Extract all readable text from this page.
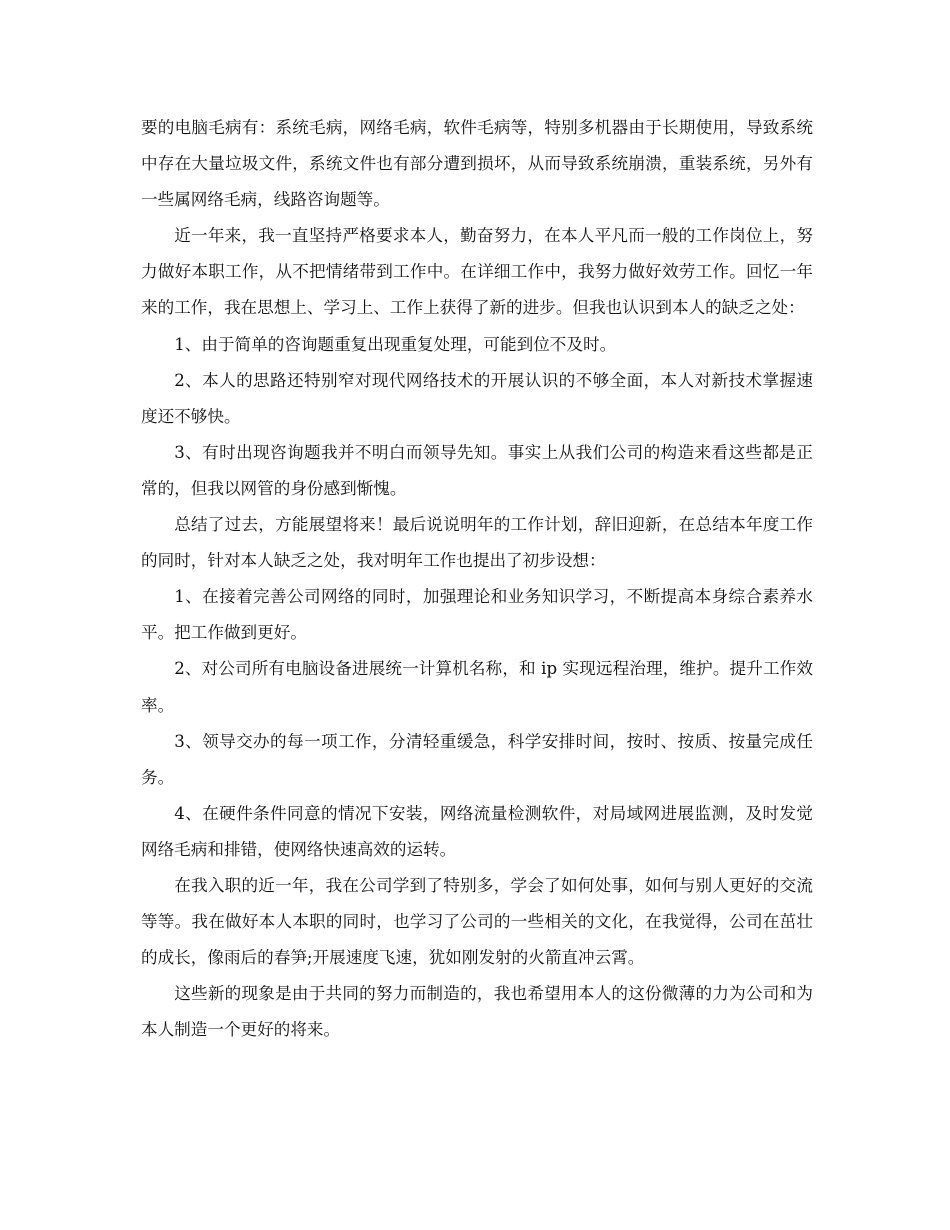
要的电脑毛病有：系统毛病，网络毛病，软件毛病等，特别多机器由于长期使用，导致系统中存在大量垃圾文件，系统文件也有部分遭到损坏，从而导致系统崩溃，重装系统，另外有一些属网络毛病，线路咨询题等。

近一年来，我一直坚持严格要求本人，勤奋努力，在本人平凡而一般的工作岗位上，努力做好本职工作，从不把情绪带到工作中。在详细工作中，我努力做好效劳工作。回忆一年来的工作，我在思想上、学习上、工作上获得了新的进步。但我也认识到本人的缺乏之处：

1、由于简单的咨询题重复出现重复处理，可能到位不及时。

2、本人的思路还特别窄对现代网络技术的开展认识的不够全面，本人对新技术掌握速度还不够快。

3、有时出现咨询题我并不明白而领导先知。事实上从我们公司的构造来看这些都是正常的，但我以网管的身份感到惭愧。

总结了过去，方能展望将来！最后说说明年的工作计划，辞旧迎新，在总结本年度工作的同时，针对本人缺乏之处，我对明年工作也提出了初步设想：

1、在接着完善公司网络的同时，加强理论和业务知识学习，不断提高本身综合素养水平。把工作做到更好。

2、对公司所有电脑设备进展统一计算机名称，和 ip 实现远程治理，维护。提升工作效率。

3、领导交办的每一项工作，分清轻重缓急，科学安排时间，按时、按质、按量完成任务。

4、在硬件条件同意的情况下安装，网络流量检测软件，对局域网进展监测，及时发觉网络毛病和排错，使网络快速高效的运转。

在我入职的近一年，我在公司学到了特别多，学会了如何处事，如何与别人更好的交流等等。我在做好本人本职的同时，也学习了公司的一些相关的文化，在我觉得，公司在茁壮的成长，像雨后的春笋;开展速度飞速，犹如刚发射的火箭直冲云霄。

这些新的现象是由于共同的努力而制造的，我也希望用本人的这份微薄的力为公司和为本人制造一个更好的将来。
